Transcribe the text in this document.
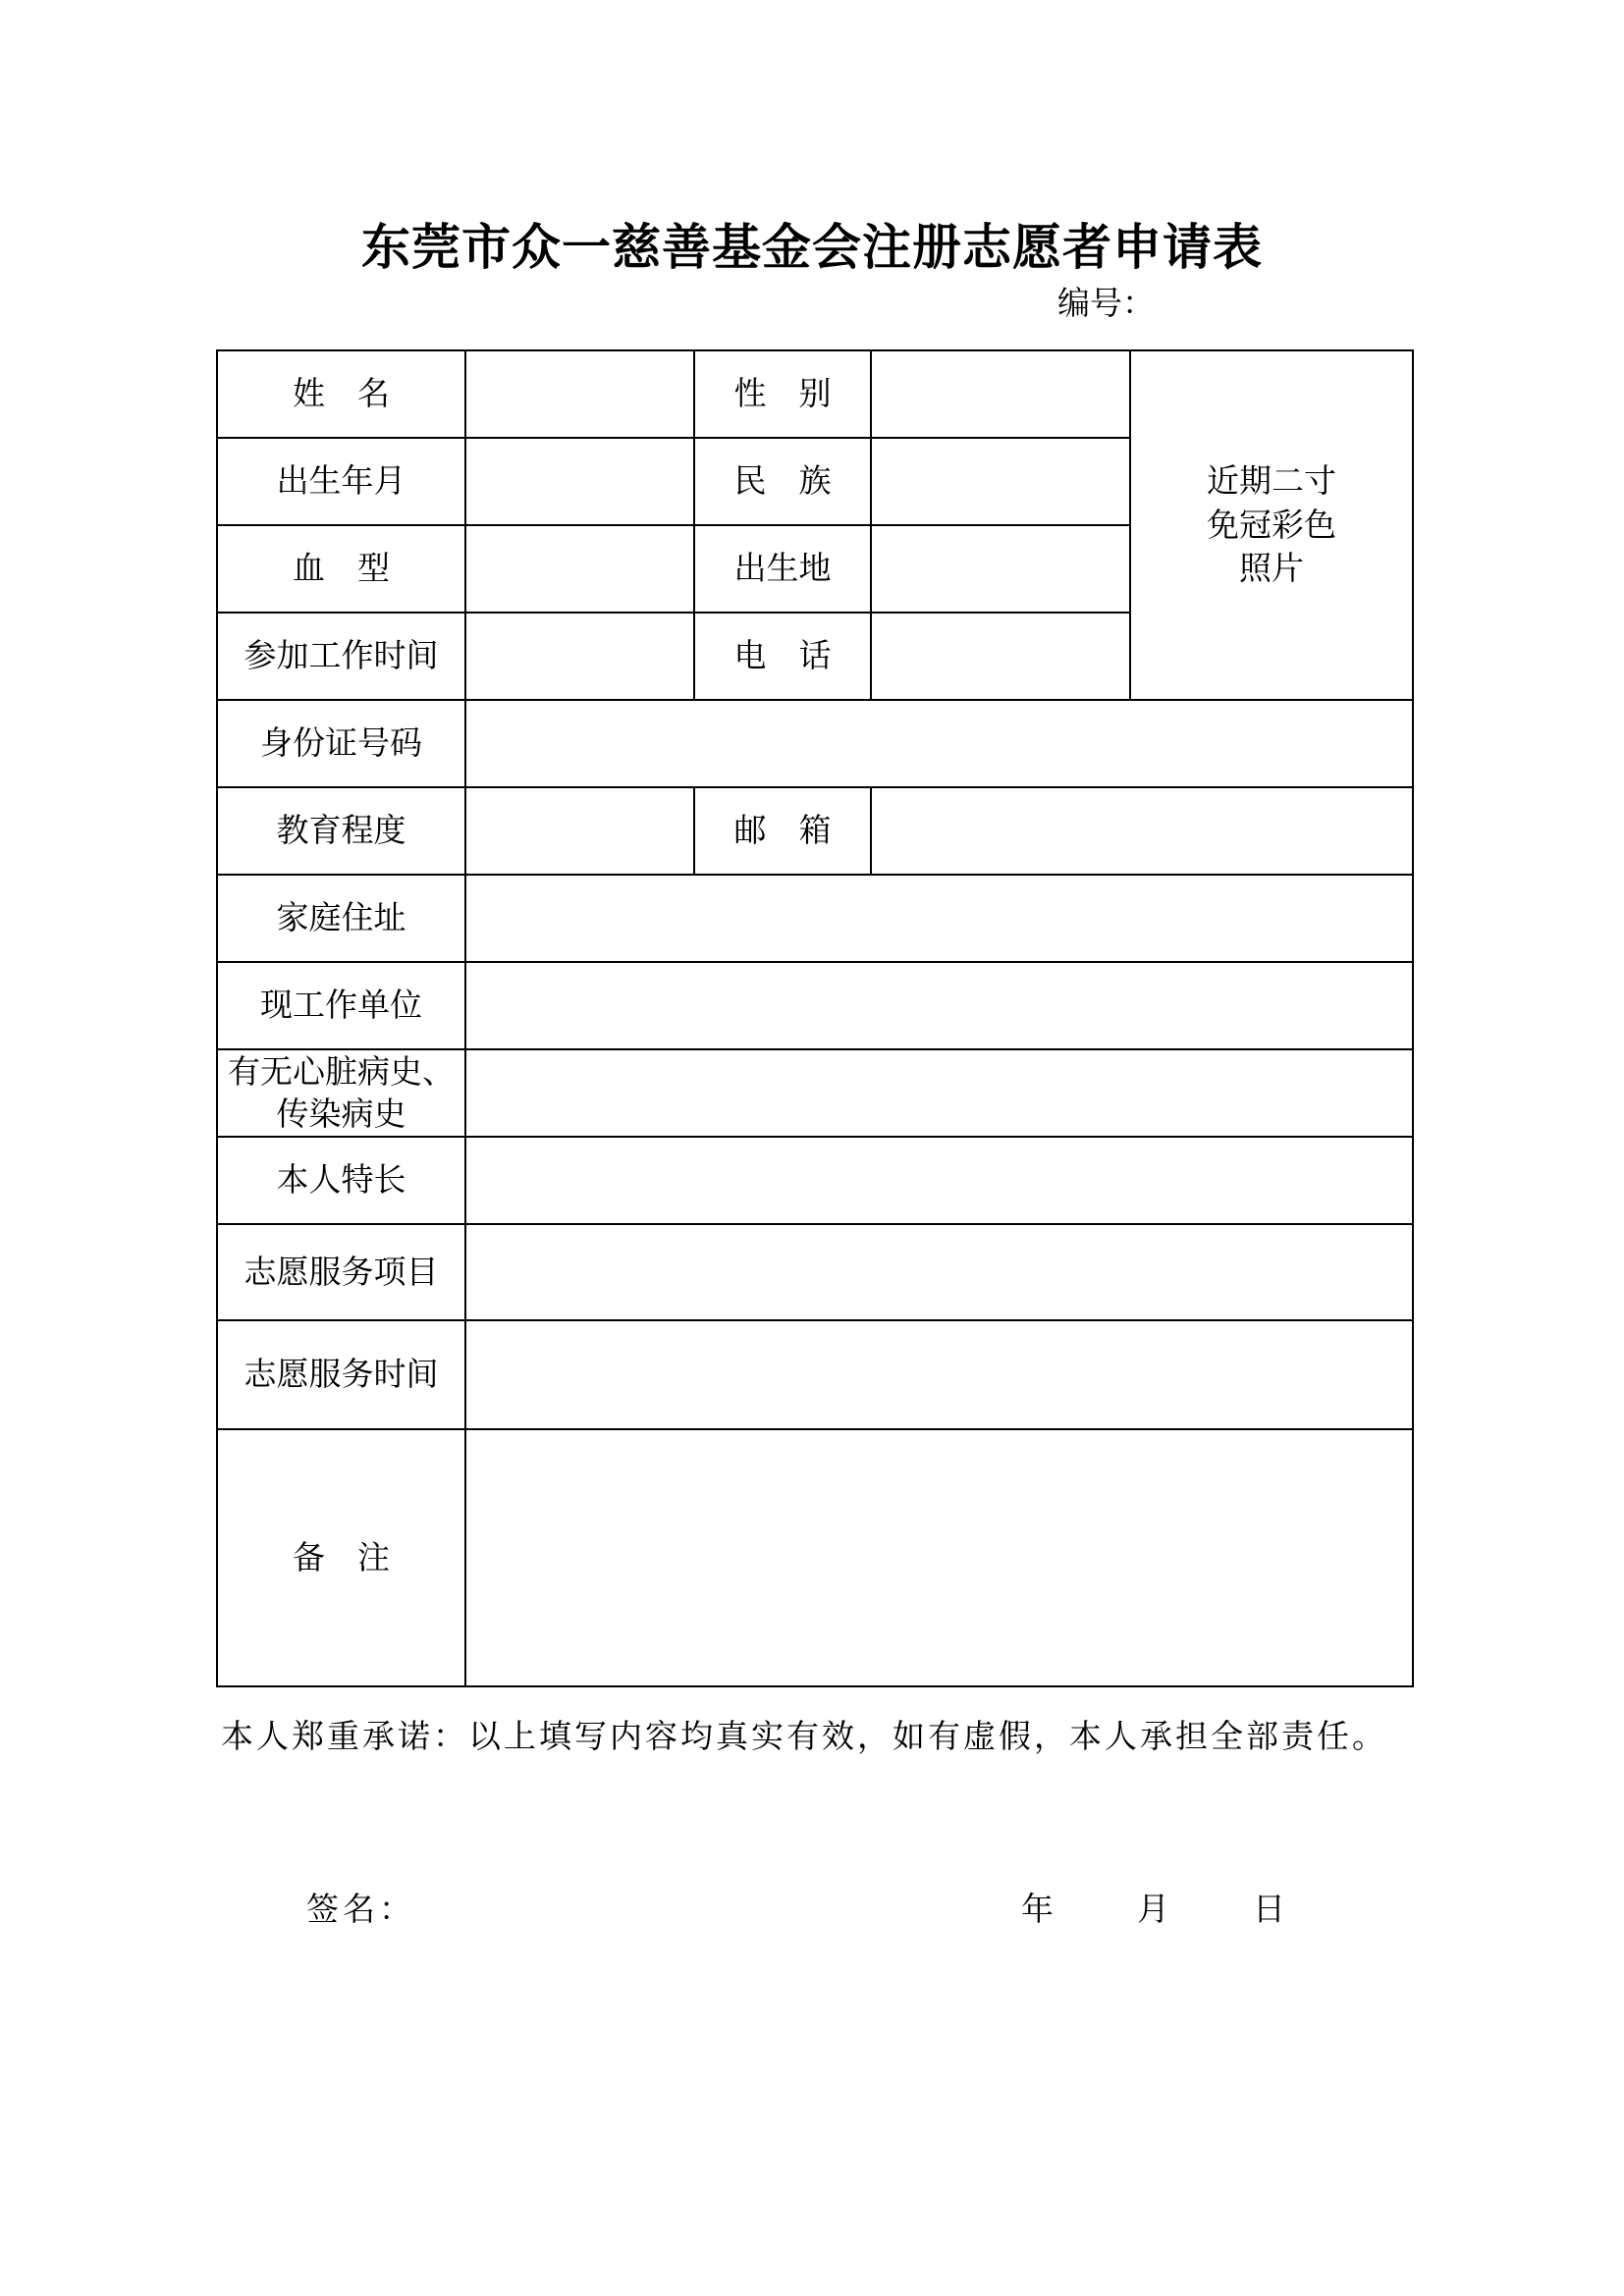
东莞市众一慈善基金会注册志愿者申请表
编号：
姓　名		性　别		近期二寸
免冠彩色
照片

出生年月		民　族		
血　型		出生地		
参加工作时间		电　话		
身份证号码				
教育程度		邮　箱		
家庭住址				
现工作单位				

有无心脏病史、
传染病史				

本人特长				
志愿服务项目				
志愿服务时间				
备　注				
本人郑重承诺：以上填写内容均真实有效，如有虚假，本人承担全部责任。
签名：	年	月	日
